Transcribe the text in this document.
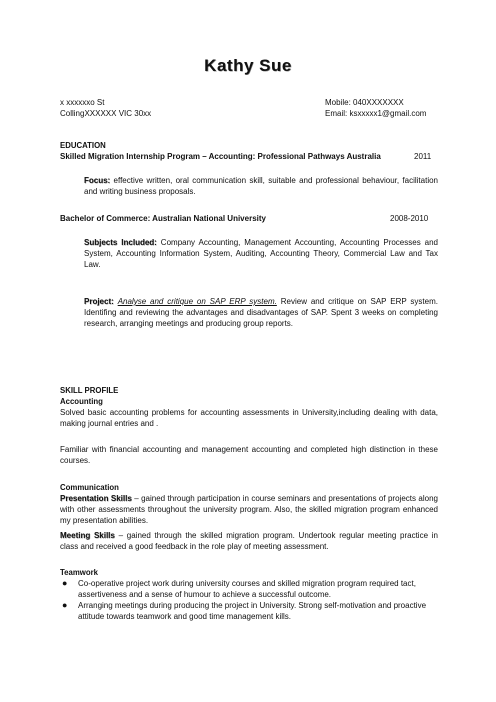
Kathy Sue
x xxxxxxo St
CollingXXXXXX VIC 30xx
Mobile: 040XXXXXXX
Email: ksxxxxx1@gmail.com
EDUCATION
Skilled Migration Internship Program – Accounting: Professional Pathways Australia	2011

Focus: effective written, oral communication skill, suitable and professional behaviour, facilitation and writing business proposals.

Bachelor of Commerce: Australian National University	2008-2010

Subjects Included: Company Accounting, Management Accounting, Accounting Processes and System, Accounting Information System, Auditing, Accounting Theory, Commercial Law and Tax Law.

Project: Analyse and critique on SAP ERP system. Review and critique on SAP ERP system. Identifing and reviewing the advantages and disadvantages of SAP. Spent 3 weeks on completing research, arranging meetings and producing group reports.

SKILL PROFILE
Accounting

Solved basic accounting problems for accounting assessments in University,including dealing with data, making journal entries and .

Familiar with financial accounting and management accounting and completed high distinction in these courses.

Communication

Presentation Skills – gained through participation in course seminars and presentations of projects along with other assessments throughout the university program. Also, the skilled migration program enhanced my presentation abilities.

Meeting Skills – gained through the skilled migration program. Undertook regular meeting practice in class and received a good feedback in the role play of meeting assessment.

Teamwork
● Co-operative project work during university courses and skilled migration program required tact, assertiveness and a sense of humour to achieve a successful outcome.
● Arranging meetings during producing the project in University. Strong self-motivation and proactive attitude towards teamwork and good time management kills.
